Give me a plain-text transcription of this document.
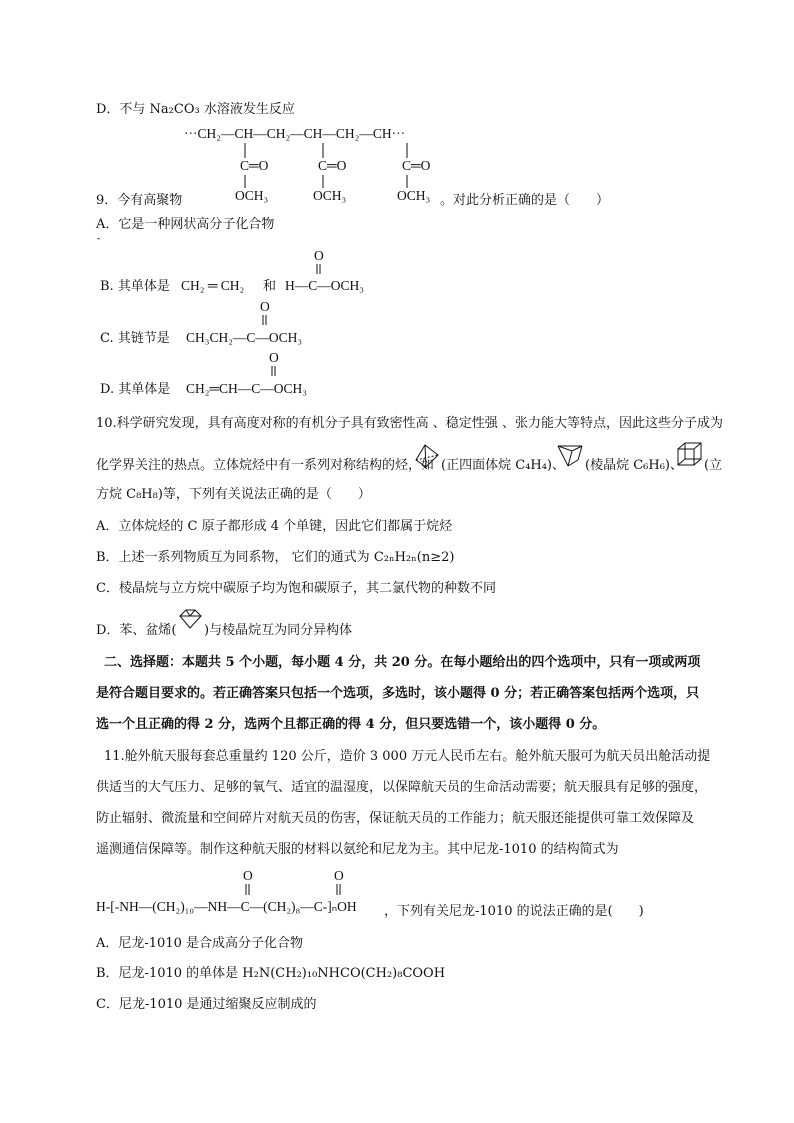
D．不与 Na₂CO₃ 水溶液发生反应
···CH₂—CH—CH₂—CH—CH₂—CH···
C═O	C═O	C═O
OCH₃	OCH₃	OCH₃
9．今有高聚物	。对此分析正确的是（　　）
A．它是一种网状高分子化合物
ˉ
B. 其单体是 CH₂ ═ CH₂ 和
O
H—C—OCH₃
C. 其链节是
O
CH₃CH₂—C—OCH₃
D. 其单体是
O
CH₂═CH—C—OCH₃
10.科学研究发现，具有高度对称的有机分子具有致密性高 、稳定性强 、张力能大等特点，因此这些分子成为
化学界关注的热点。立体烷烃中有一系列对称结构的烃，如 (正四面体烷 C₄H₄)、 (棱晶烷 C₆H₆)、 (立
方烷 C₈H₈)等，下列有关说法正确的是（　　）
A．立体烷烃的 C 原子都形成 4 个单键，因此它们都属于烷烃
B．上述一系列物质互为同系物， 它们的通式为 C₂ₙH₂ₙ(n≥2)
C．棱晶烷与立方烷中碳原子均为饱和碳原子，其二氯代物的种数不同
D．苯、盆烯( )与棱晶烷互为同分异构体
二、选择题：本题共 5 个小题，每小题 4 分，共 20 分。在每小题给出的四个选项中，只有一项或两项
是符合题目要求的。若正确答案只包括一个选项，多选时，该小题得 0 分；若正确答案包括两个选项，只
选一个且正确的得 2 分，选两个且都正确的得 4 分，但只要选错一个，该小题得 0 分。
11.舱外航天服每套总重量约 120 公斤，造价 3 000 万元人民币左右。舱外航天服可为航天员出舱活动提
供适当的大气压力、足够的氧气、适宜的温湿度，以保障航天员的生命活动需要；航天服具有足够的强度，
防止辐射、微流量和空间碎片对航天员的伤害，保证航天员的工作能力；航天服还能提供可靠工效保障及
遥测通信保障等。制作这种航天服的材料以氨纶和尼龙为主。其中尼龙-1010 的结构简式为
O	O
H-[-NH—(CH₂)₁₀—NH—C—(CH₂)₈—C-]ₙOH ，下列有关尼龙-1010 的说法正确的是(　　)
A．尼龙-1010 是合成高分子化合物
B．尼龙-1010 的单体是 H₂N(CH₂)₁₀NHCO(CH₂)₈COOH
C．尼龙-1010 是通过缩聚反应制成的
